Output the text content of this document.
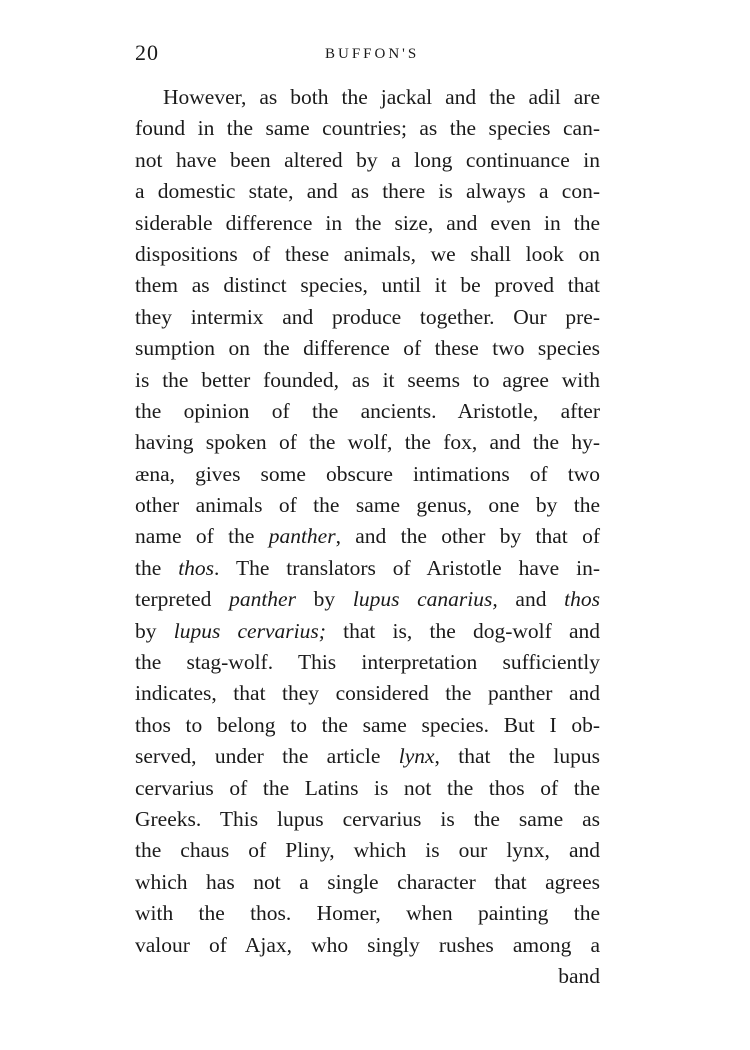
20	BUFFON'S
However, as both the jackal and the adil are
found in the same countries; as the species can-
not have been altered by a long continuance in
a domestic state, and as there is always a con-
siderable difference in the size, and even in the
dispositions of these animals, we shall look on
them as distinct species, until it be proved that
they intermix and produce together. Our pre-
sumption on the difference of these two species
is the better founded, as it seems to agree with
the opinion of the ancients. Aristotle, after
having spoken of the wolf, the fox, and the hy-
æna, gives some obscure intimations of two
other animals of the same genus, one by the
name of the panther, and the other by that of
the thos. The translators of Aristotle have in-
terpreted panther by lupus canarius, and thos
by lupus cervarius; that is, the dog-wolf and
the stag-wolf. This interpretation sufficiently
indicates, that they considered the panther and
thos to belong to the same species. But I ob-
served, under the article lynx, that the lupus
cervarius of the Latins is not the thos of the
Greeks. This lupus cervarius is the same as
the chaus of Pliny, which is our lynx, and
which has not a single character that agrees
with the thos. Homer, when painting the
valour of Ajax, who singly rushes among a
band
